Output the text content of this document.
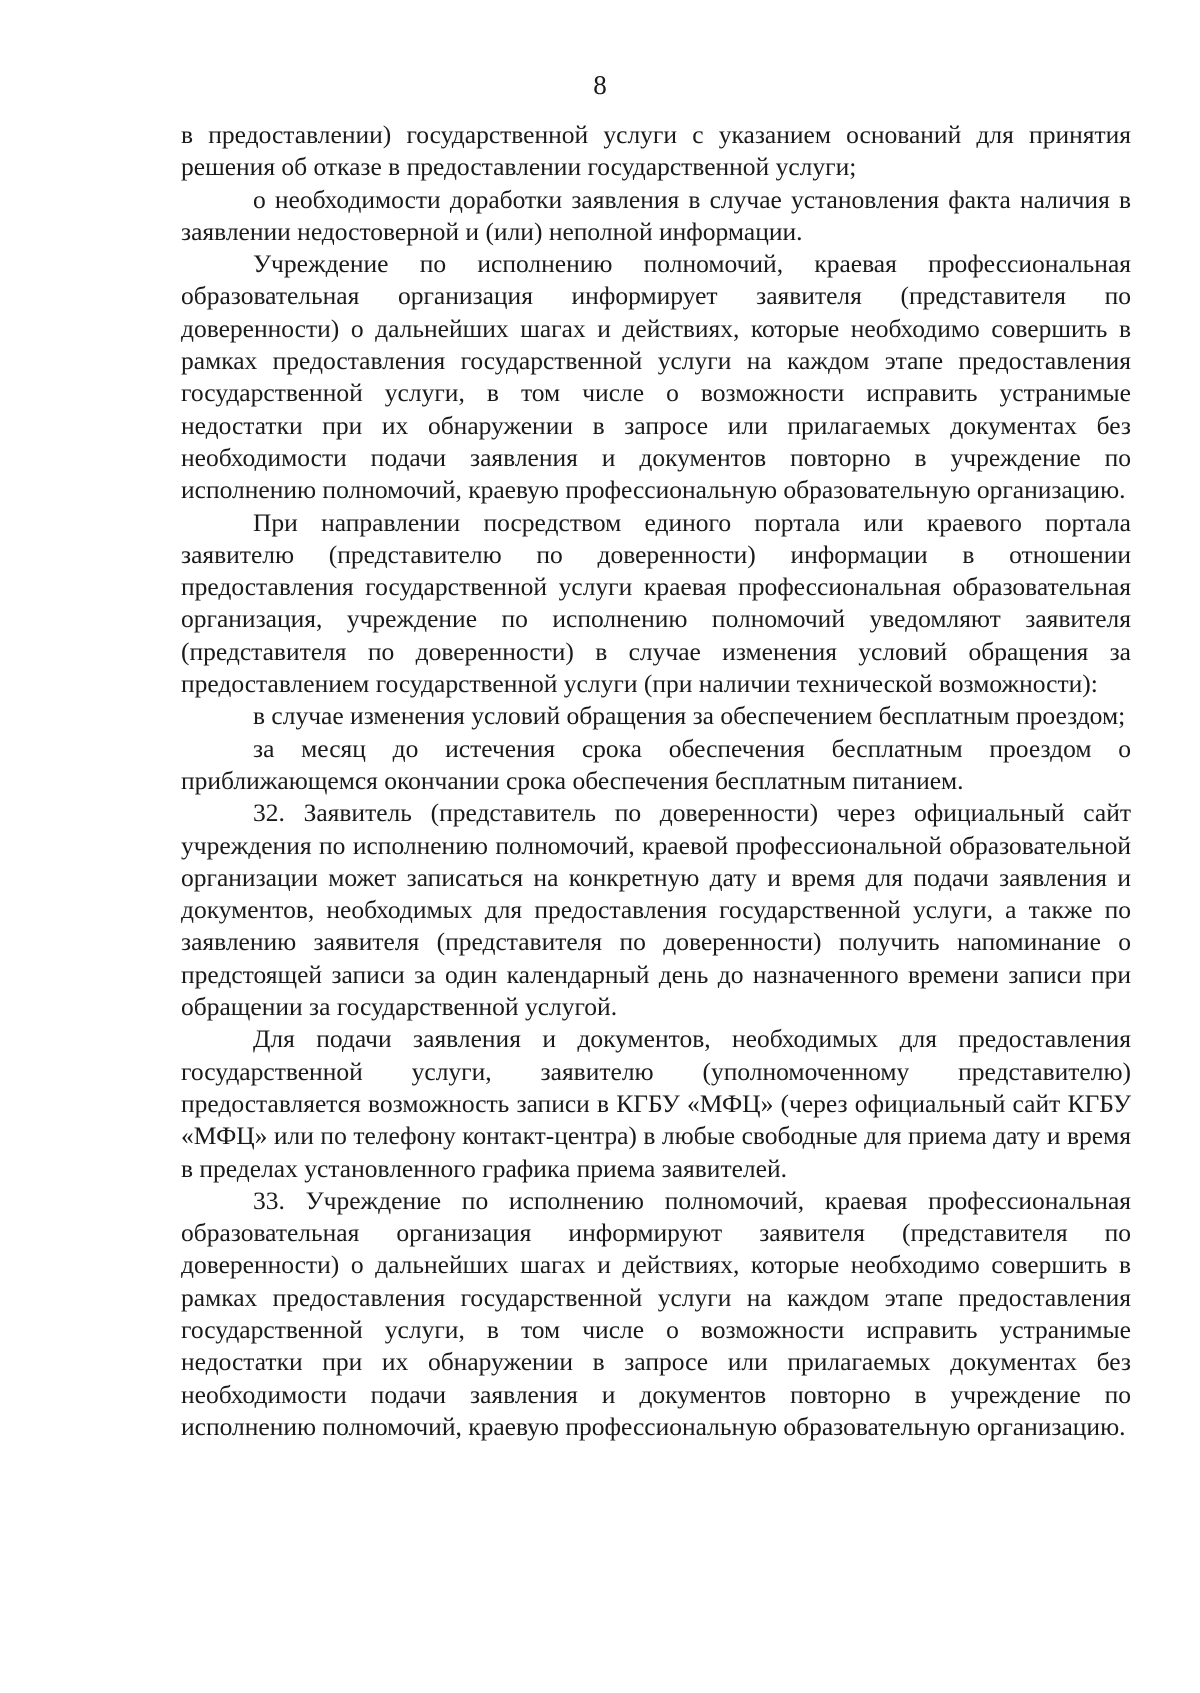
8

в предоставлении) государственной услуги с указанием оснований для принятия решения об отказе в предоставлении государственной услуги;

о необходимости доработки заявления в случае установления факта наличия в заявлении недостоверной и (или) неполной информации.

Учреждение по исполнению полномочий, краевая профессиональная образовательная организация информирует заявителя (представителя по доверенности) о дальнейших шагах и действиях, которые необходимо совершить в рамках предоставления государственной услуги на каждом этапе предоставления государственной услуги, в том числе о возможности исправить устранимые недостатки при их обнаружении в запросе или прилагаемых документах без необходимости подачи заявления и документов повторно в учреждение по исполнению полномочий, краевую профессиональную образовательную организацию.

При направлении посредством единого портала или краевого портала заявителю (представителю по доверенности) информации в отношении предоставления государственной услуги краевая профессиональная образовательная организация, учреждение по исполнению полномочий уведомляют заявителя (представителя по доверенности) в случае изменения условий обращения за предоставлением государственной услуги (при наличии технической возможности):

в случае изменения условий обращения за обеспечением бесплатным проездом;

за месяц до истечения срока обеспечения бесплатным проездом о приближающемся окончании срока обеспечения бесплатным питанием.

32. Заявитель (представитель по доверенности) через официальный сайт учреждения по исполнению полномочий, краевой профессиональной образовательной организации может записаться на конкретную дату и время для подачи заявления и документов, необходимых для предоставления государственной услуги, а также по заявлению заявителя (представителя по доверенности) получить напоминание о предстоящей записи за один календарный день до назначенного времени записи при обращении за государственной услугой.

Для подачи заявления и документов, необходимых для предоставления государственной услуги, заявителю (уполномоченному представителю) предоставляется возможность записи в КГБУ «МФЦ» (через официальный сайт КГБУ «МФЦ» или по телефону контакт-центра) в любые свободные для приема дату и время в пределах установленного графика приема заявителей.

33. Учреждение по исполнению полномочий, краевая профессиональная образовательная организация информируют заявителя (представителя по доверенности) о дальнейших шагах и действиях, которые необходимо совершить в рамках предоставления государственной услуги на каждом этапе предоставления государственной услуги, в том числе о возможности исправить устранимые недостатки при их обнаружении в запросе или прилагаемых документах без необходимости подачи заявления и документов повторно в учреждение по исполнению полномочий, краевую профессиональную образовательную организацию.
